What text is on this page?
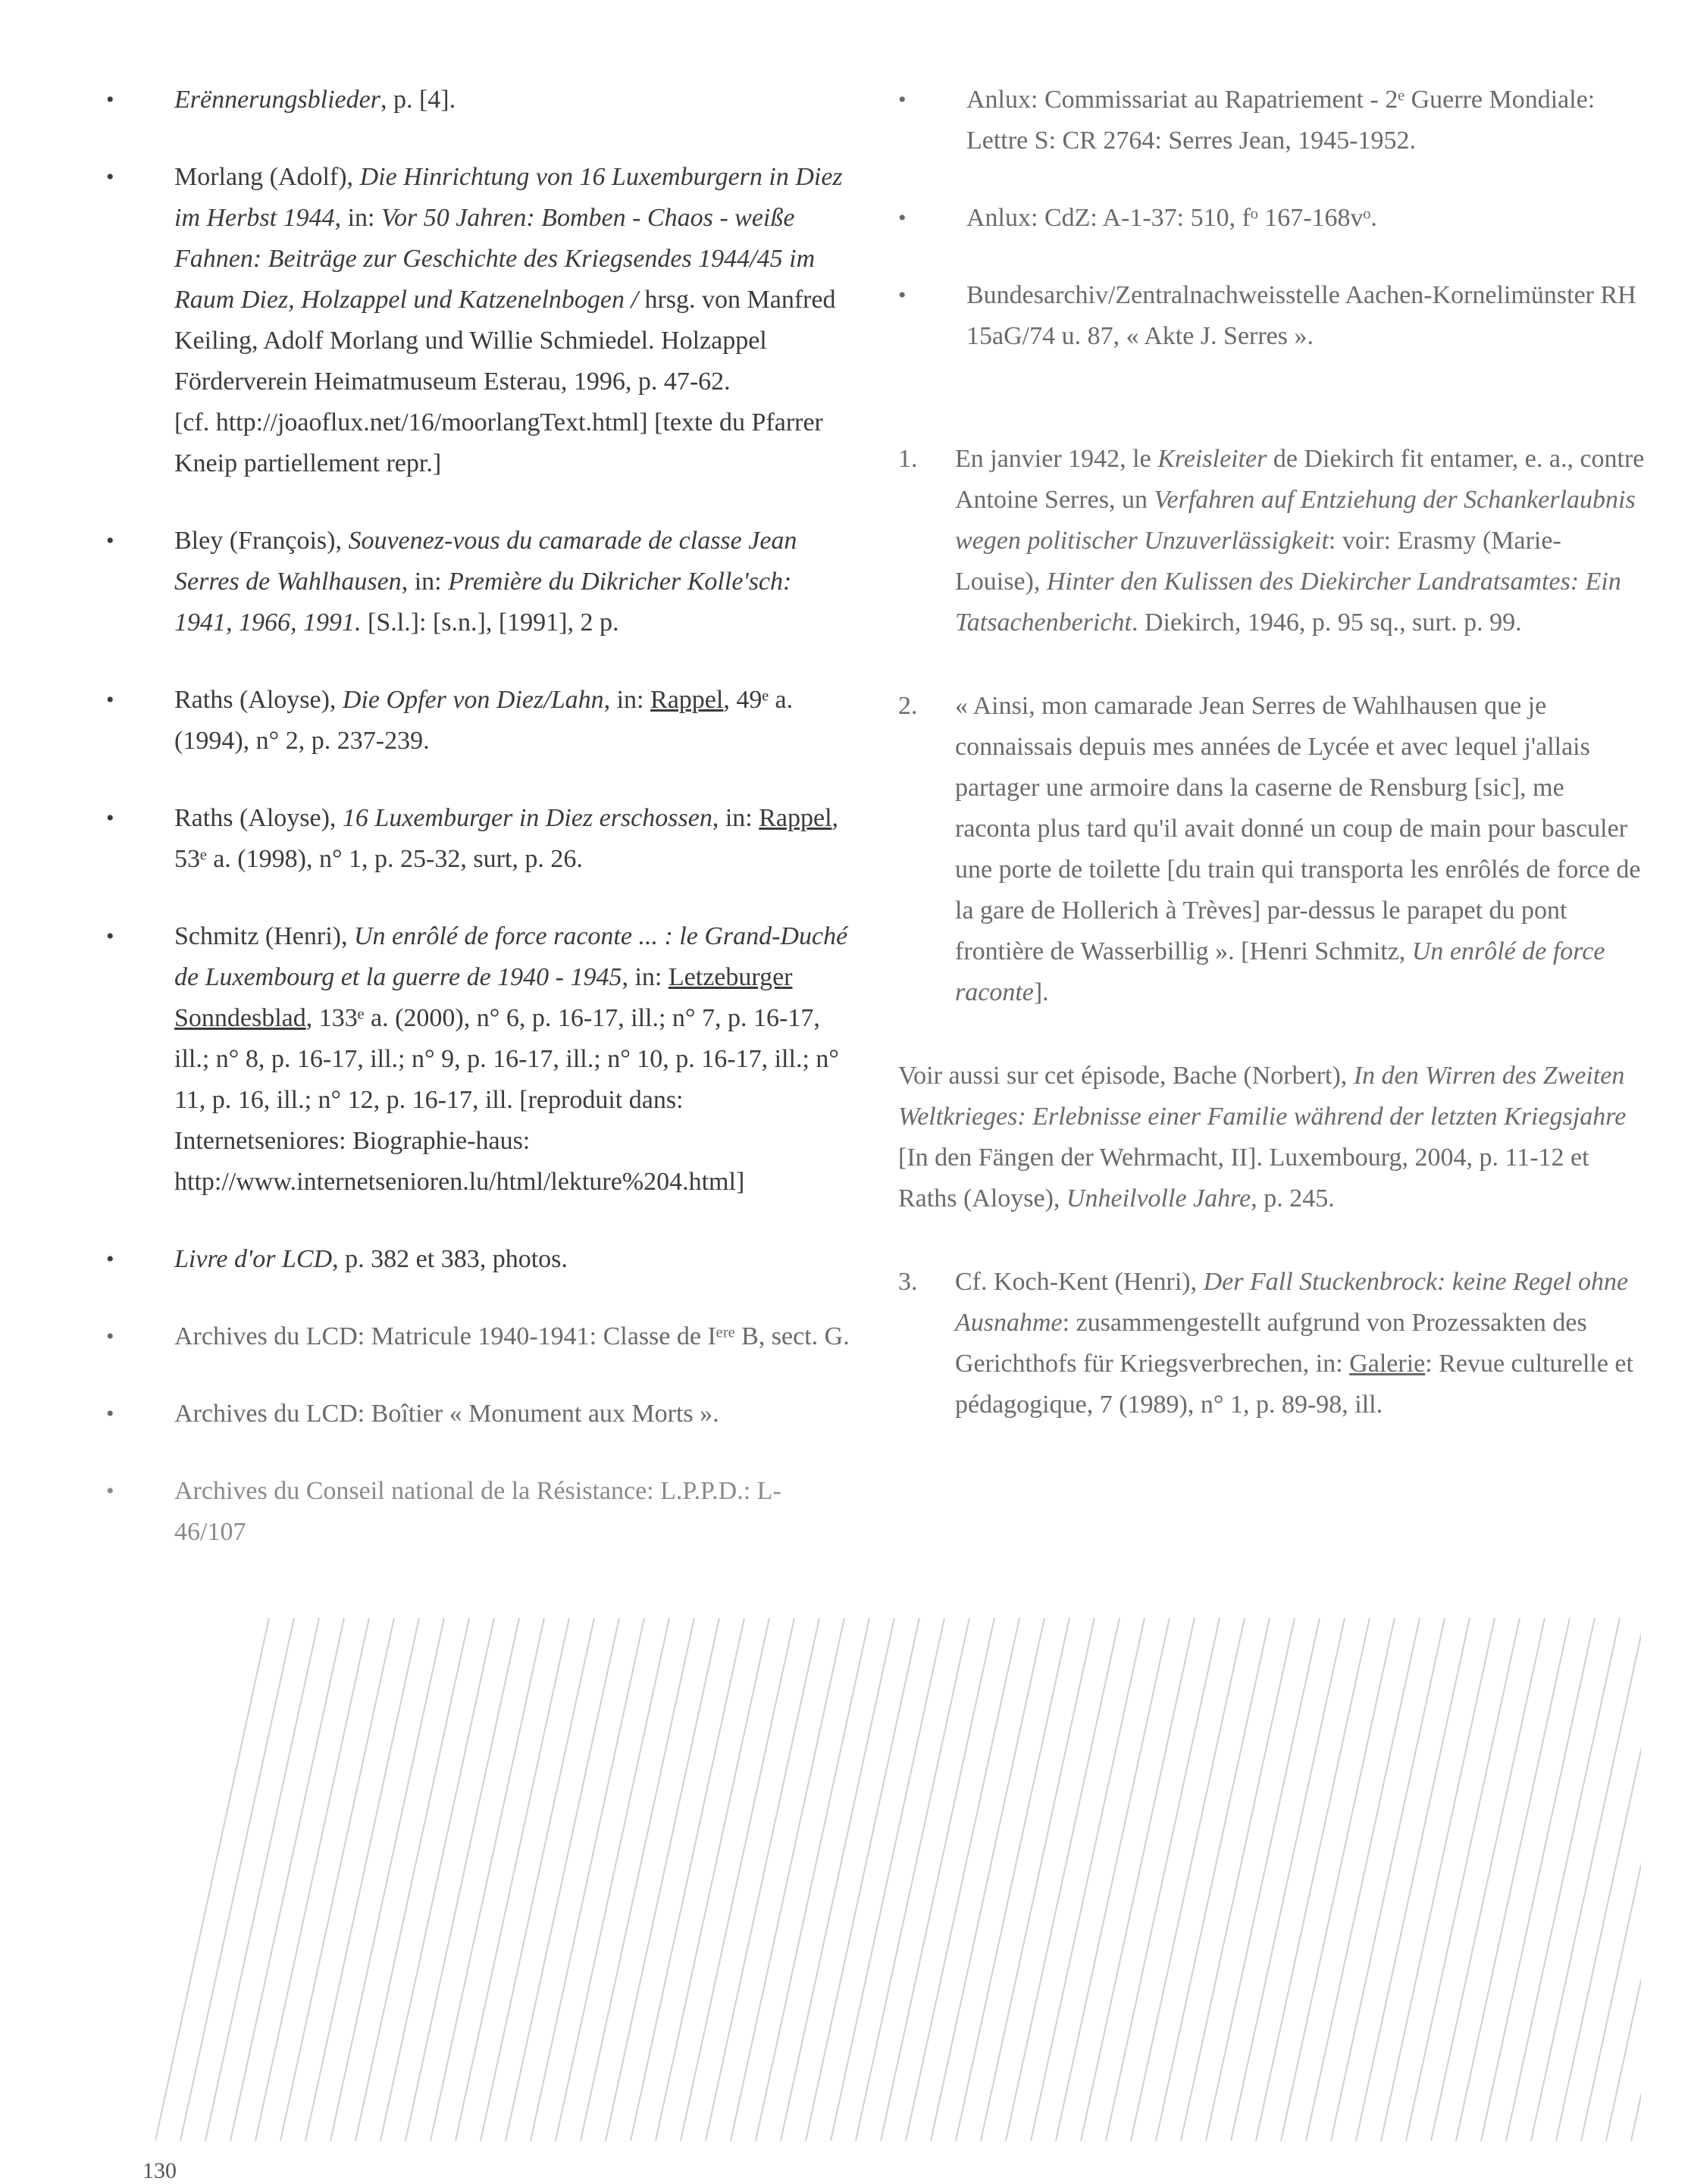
• Erënnerungsblieder, p. [4].
• Morlang (Adolf), Die Hinrichtung von 16 Luxemburgern in Diez im Herbst 1944, in: Vor 50 Jahren: Bomben - Chaos - weiße Fahnen: Beiträge zur Geschichte des Kriegsendes 1944/45 im Raum Diez, Holzappel und Katzenelnbogen / hrsg. von Manfred Keiling, Adolf Morlang und Willie Schmiedel. Holzappel Förderverein Heimatmuseum Esterau, 1996, p. 47-62.
[cf. http://joaoflux.net/16/moorlangText.html] [texte du Pfarrer Kneip partiellement repr.]
• Bley (François), Souvenez-vous du camarade de classe Jean Serres de Wahlhausen, in: Première du Dikricher Kolle'sch: 1941, 1966, 1991. [S.l.]: [s.n.], [1991], 2 p.
• Raths (Aloyse), Die Opfer von Diez/Lahn, in: Rappel, 49ᵉ a. (1994), n° 2, p. 237-239.
• Raths (Aloyse), 16 Luxemburger in Diez erschossen, in: Rappel, 53ᵉ a. (1998), n° 1, p. 25-32, surt, p. 26.
• Schmitz (Henri), Un enrôlé de force raconte ... : le Grand-Duché de Luxembourg et la guerre de 1940 - 1945, in: Letzeburger Sonndesblad, 133ᵉ a. (2000), n° 6, p. 16-17, ill.; n° 7, p. 16-17, ill.; n° 8, p. 16-17, ill.; n° 9, p. 16-17, ill.; n° 10, p. 16-17, ill.; n° 11, p. 16, ill.; n° 12, p. 16-17, ill. [reproduit dans: Internetseniores: Biographie-haus: http://www.internetsenioren.lu/html/lekture%204.html]
• Livre d'or LCD, p. 382 et 383, photos.
• Archives du LCD: Matricule 1940-1941: Classe de Iᵉʳᵉ B, sect. G.
• Archives du LCD: Boîtier « Monument aux Morts ».
• Archives du Conseil national de la Résistance: L.P.P.D.: L- 46/107
• Anlux: Commissariat au Rapatriement - 2ᵉ Guerre Mondiale: Lettre S: CR 2764: Serres Jean, 1945-1952.
• Anlux: CdZ: A-1-37: 510, fᵒ 167-168vᵒ.
• Bundesarchiv/Zentralnachweisstelle Aachen-Kornelimünster RH 15aG/74 u. 87, « Akte J. Serres ».
1. En janvier 1942, le Kreisleiter de Diekirch fit entamer, e. a., contre Antoine Serres, un Verfahren auf Entziehung der Schankerlaubnis wegen politischer Unzuverlässigkeit: voir: Erasmy (Marie-Louise), Hinter den Kulissen des Diekircher Landratsamtes: Ein Tatsachenbericht. Diekirch, 1946, p. 95 sq., surt. p. 99.
2. « Ainsi, mon camarade Jean Serres de Wahlhausen que je connaissais depuis mes années de Lycée et avec lequel j'allais partager une armoire dans la caserne de Rensburg [sic], me raconta plus tard qu'il avait donné un coup de main pour basculer une porte de toilette [du train qui transporta les enrôlés de force de la gare de Hollerich à Trèves] par-dessus le parapet du pont frontière de Wasserbillig ». [Henri Schmitz, Un enrôlé de force raconte].
Voir aussi sur cet épisode, Bache (Norbert), In den Wirren des Zweiten Weltkrieges: Erlebnisse einer Familie während der letzten Kriegsjahre [In den Fängen der Wehrmacht, II]. Luxembourg, 2004, p. 11-12 et Raths (Aloyse), Unheilvolle Jahre, p. 245.
3. Cf. Koch-Kent (Henri), Der Fall Stuckenbrock: keine Regel ohne Ausnahme: zusammengestellt aufgrund von Prozessakten des Gerichthofs für Kriegsverbrechen, in: Galerie: Revue culturelle et pédagogique, 7 (1989), n° 1, p. 89-98, ill.
130
